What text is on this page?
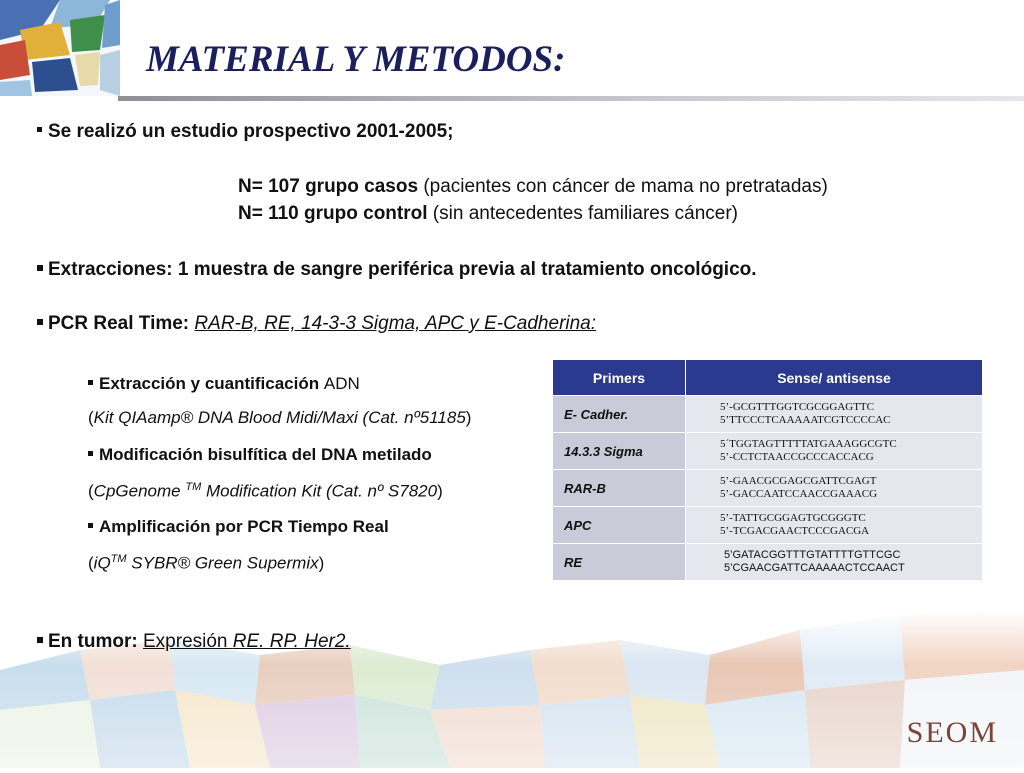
MATERIAL Y METODOS:
Se realizó un estudio prospectivo 2001-2005;
N= 107 grupo casos (pacientes con cáncer de mama no pretratadas)
N= 110 grupo control (sin antecedentes familiares cáncer)
Extracciones: 1 muestra de sangre periférica previa al tratamiento oncológico.
PCR Real Time: RAR-B, RE, 14-3-3 Sigma, APC y E-Cadherina:
Extracción y cuantificación ADN
(Kit QIAamp® DNA Blood Midi/Maxi (Cat. nº51185)
Modificación bisulfítica del DNA metilado
(CpGenome ™ Modification Kit (Cat. nº S7820)
Amplificación por PCR Tiempo Real
(iQ™ SYBR® Green Supermix)
Primers	Sense/ antisense
E- Cadher.	5’-GCGTTTGGTCGCGGAGTTC
5’TTCCCTCAAAAATCGTCCCCAC

14.3.3 Sigma	5´TGGTAGTTTTTATGAAAGGCGTC
5’-CCTCTAACCGCCCACCACG

RAR-B	5’-GAACGCGAGCGATTCGAGT
5’-GACCAATCCAACCGAAACG

APC	5’-TATTGCGGAGTGCGGGTC
5’-TCGACGAACTCCCGACGA

RE	5’GATACGGTTTGTATTTTGTTCGC
5’CGAACGATTCAAAAACTCCAACT
En tumor: Expresión RE. RP. Her2.
SEOM
